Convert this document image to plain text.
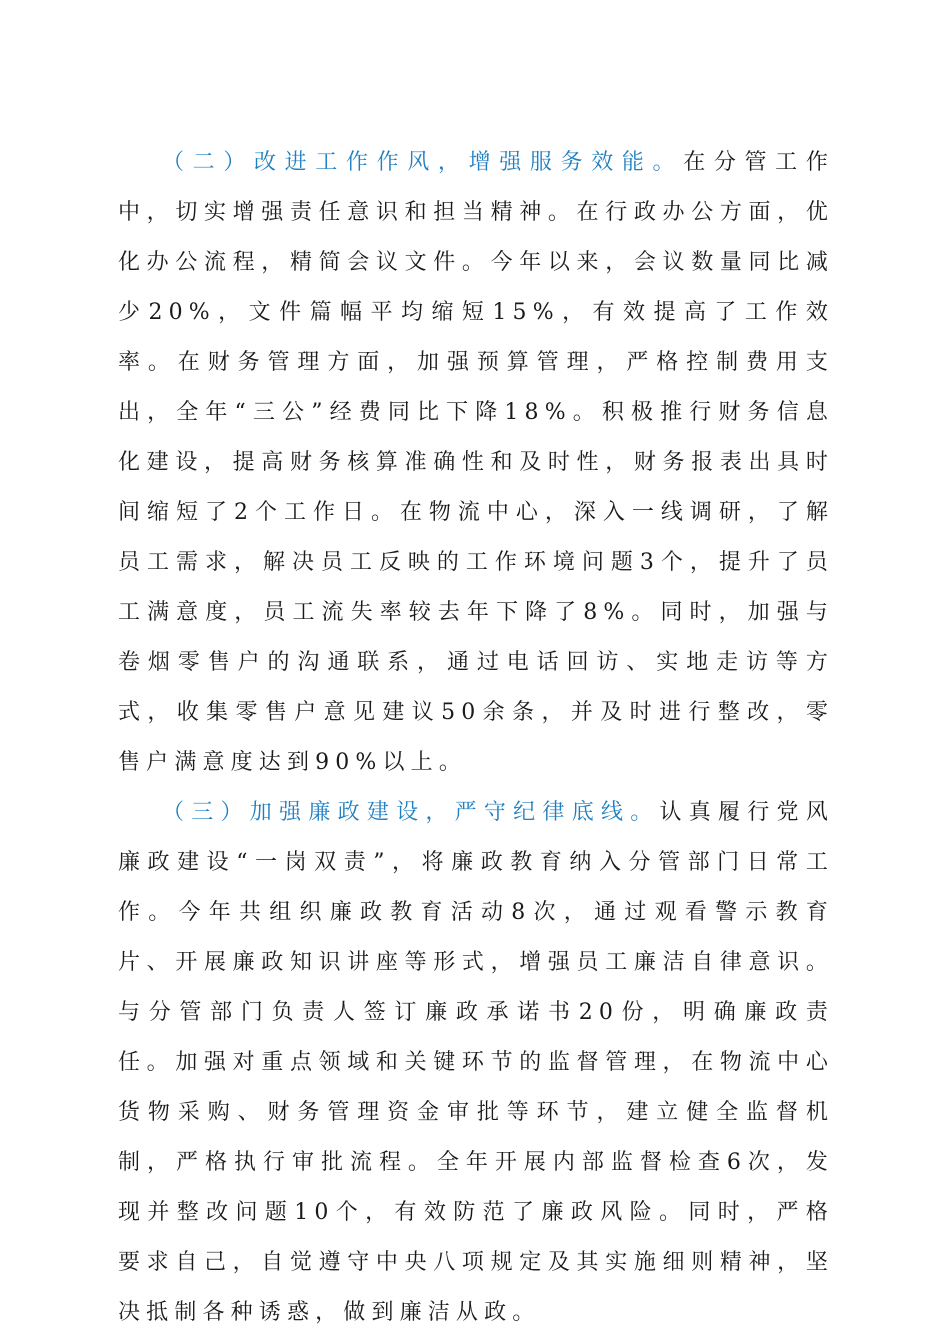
（二）改进工作作风，增强服务效能。在分管工作中，切实增强责任意识和担当精神。在行政办公方面，优化办公流程，精简会议文件。今年以来，会议数量同比减少20%，文件篇幅平均缩短15%，有效提高了工作效率。在财务管理方面，加强预算管理，严格控制费用支出，全年“三公”经费同比下降18%。积极推行财务信息化建设，提高财务核算准确性和及时性，财务报表出具时间缩短了2个工作日。在物流中心，深入一线调研，了解员工需求，解决员工反映的工作环境问题3个，提升了员工满意度，员工流失率较去年下降了8%。同时，加强与卷烟零售户的沟通联系，通过电话回访、实地走访等方式，收集零售户意见建议50余条，并及时进行整改，零售户满意度达到90%以上。

（三）加强廉政建设，严守纪律底线。认真履行党风廉政建设“一岗双责”，将廉政教育纳入分管部门日常工作。今年共组织廉政教育活动8次，通过观看警示教育片、开展廉政知识讲座等形式，增强员工廉洁自律意识。与分管部门负责人签订廉政承诺书20份，明确廉政责任。加强对重点领域和关键环节的监督管理，在物流中心货物采购、财务管理资金审批等环节，建立健全监督机制，严格执行审批流程。全年开展内部监督检查6次，发现并整改问题10个，有效防范了廉政风险。同时，严格要求自己，自觉遵守中央八项规定及其实施细则精神，坚决抵制各种诱惑，做到廉洁从政。
